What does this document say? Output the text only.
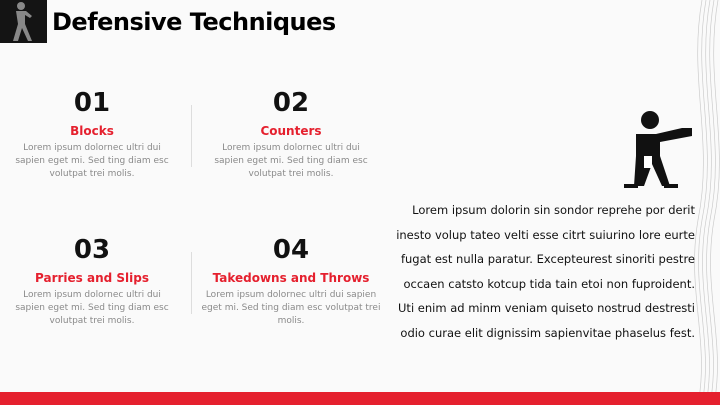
Defensive Techniques
01
Blocks
Lorem ipsum dolornec ultri dui sapien eget mi. Sed ting diam esc volutpat trei molis.
02
Counters
Lorem ipsum dolornec ultri dui sapien eget mi. Sed ting diam esc volutpat trei molis.
03
Parries and Slips
Lorem ipsum dolornec ultri dui sapien eget mi. Sed ting diam esc volutpat trei molis.
04
Takedowns and Throws
Lorem ipsum dolornec ultri dui sapien eget mi. Sed ting diam esc volutpat trei molis.
Lorem ipsum dolorin sin sondor reprehe por derit inesto volup tateo velti esse citrt suiurino lore eurte fugat est nulla paratur. Excepteurest sinoriti pestre occaen catsto kotcup tida tain etoi non fuproident. Uti enim ad minm veniam quiseto nostrud destresti odio curae elit dignissim sapienvitae phaselus fest.
